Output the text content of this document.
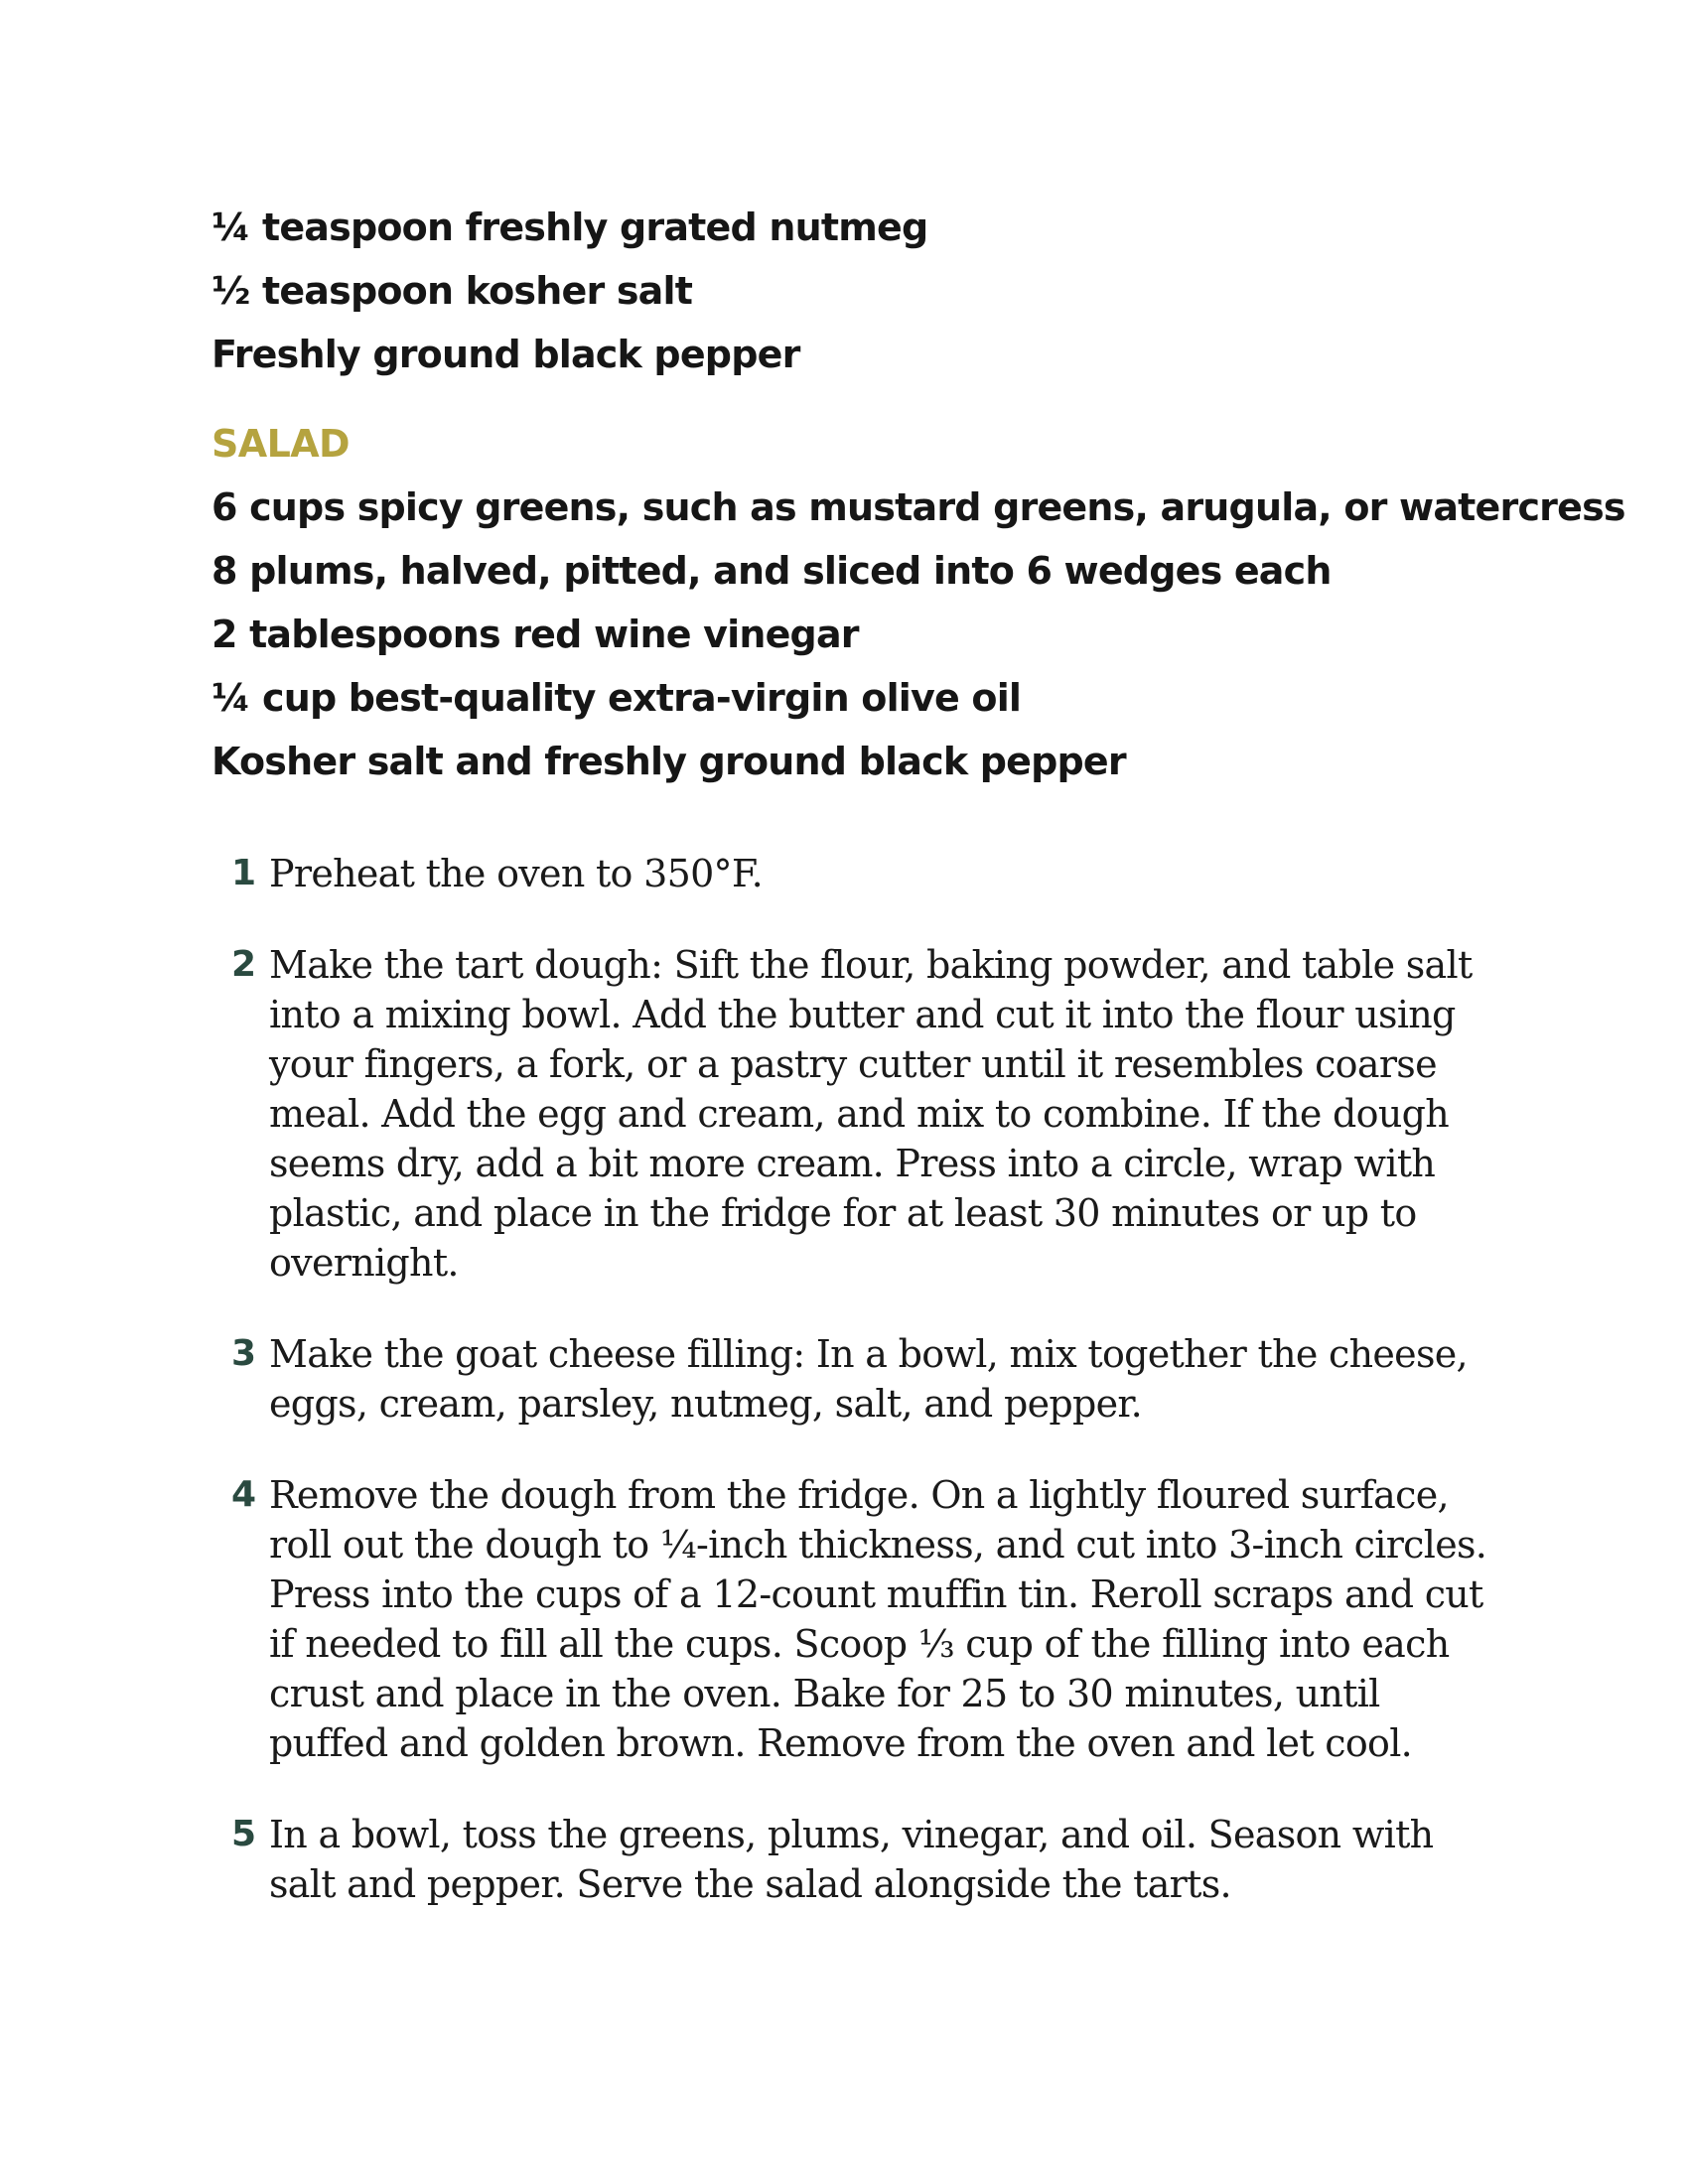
¼ teaspoon freshly grated nutmeg
½ teaspoon kosher salt
Freshly ground black pepper
SALAD
6 cups spicy greens, such as mustard greens, arugula, or watercress
8 plums, halved, pitted, and sliced into 6 wedges each
2 tablespoons red wine vinegar
¼ cup best-quality extra-virgin olive oil
Kosher salt and freshly ground black pepper
1 Preheat the oven to 350°F.
2 Make the tart dough: Sift the flour, baking powder, and table salt into a mixing bowl. Add the butter and cut it into the flour using your fingers, a fork, or a pastry cutter until it resembles coarse meal. Add the egg and cream, and mix to combine. If the dough seems dry, add a bit more cream. Press into a circle, wrap with plastic, and place in the fridge for at least 30 minutes or up to overnight.
3 Make the goat cheese filling: In a bowl, mix together the cheese, eggs, cream, parsley, nutmeg, salt, and pepper.
4 Remove the dough from the fridge. On a lightly floured surface, roll out the dough to ¼-inch thickness, and cut into 3-inch circles. Press into the cups of a 12-count muffin tin. Reroll scraps and cut if needed to fill all the cups. Scoop ⅓ cup of the filling into each crust and place in the oven. Bake for 25 to 30 minutes, until puffed and golden brown. Remove from the oven and let cool.
5 In a bowl, toss the greens, plums, vinegar, and oil. Season with salt and pepper. Serve the salad alongside the tarts.
